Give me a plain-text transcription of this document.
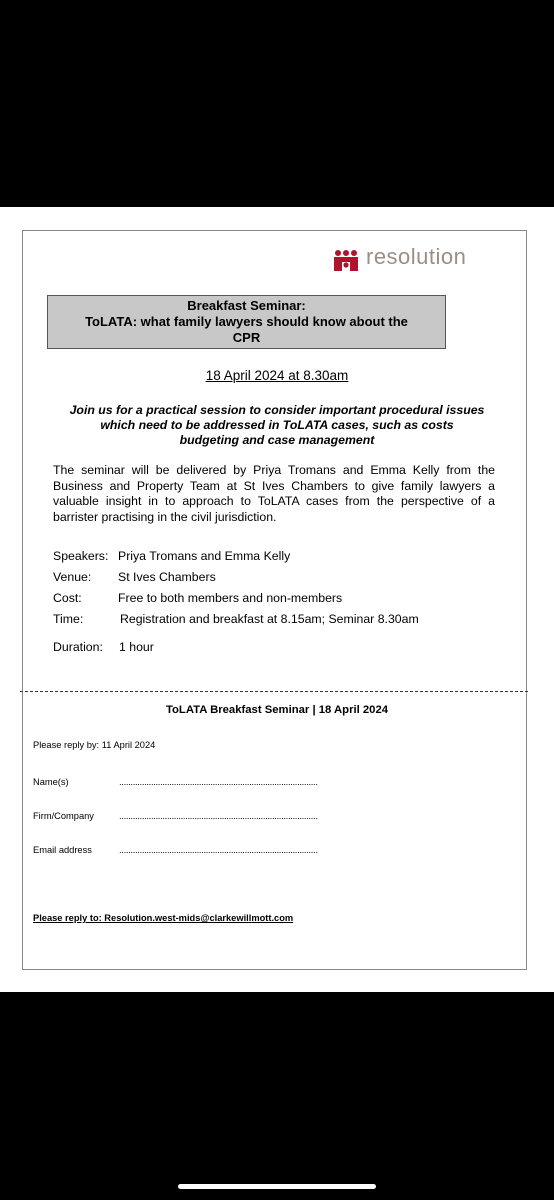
resolution
Breakfast Seminar:
ToLATA: what family lawyers should know about the
CPR
18 April 2024 at 8.30am
Join us for a practical session to consider important procedural issues
which need to be addressed in ToLATA cases, such as costs
budgeting and case management
The seminar will be delivered by Priya Tromans and Emma Kelly from the Business and Property Team at St Ives Chambers to give family lawyers a valuable insight in to approach to ToLATA cases from the perspective of a barrister practising in the civil jurisdiction.
Speakers: Priya Tromans and Emma Kelly
Venue: St Ives Chambers
Cost:	Free to both members and non-members
Time:	Registration and breakfast at 8.15am; Seminar 8.30am
Duration: 1 hour
ToLATA Breakfast Seminar | 18 April 2024
Please reply by: 11 April 2024
Name(s)	.......................................................................................
Firm/Company	.......................................................................................
Email address	.......................................................................................
Please reply to: Resolution.west-mids@clarkewillmott.com
